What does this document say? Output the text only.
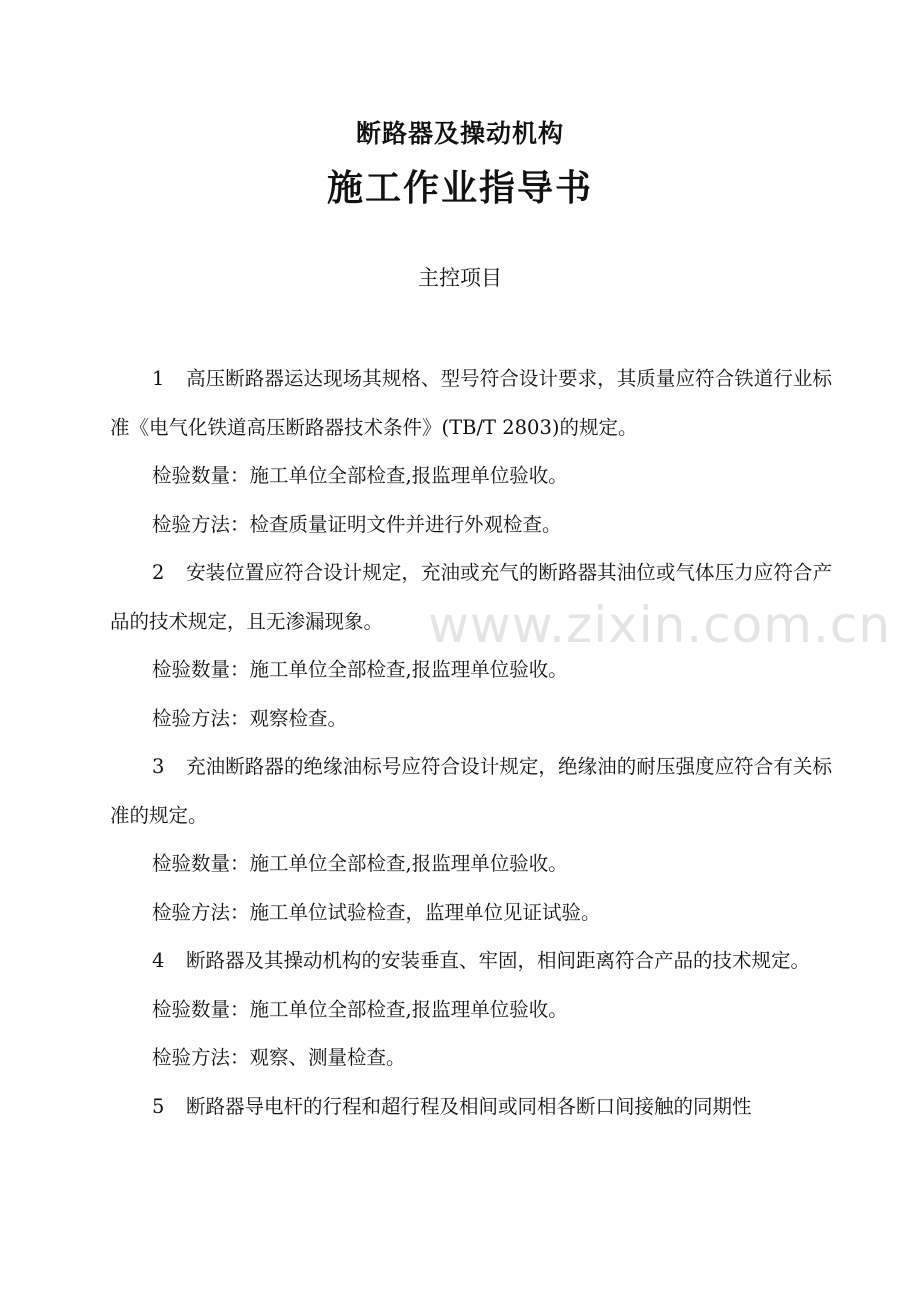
断路器及操动机构
施工作业指导书
主控项目

1 高压断路器运达现场其规格、型号符合设计要求，其质量应符合铁道行业标准《电气化铁道高压断路器技术条件》(TB/T 2803)的规定。

检验数量：施工单位全部检查,报监理单位验收。

检验方法：检查质量证明文件并进行外观检查。

2 安装位置应符合设计规定，充油或充气的断路器其油位或气体压力应符合产品的技术规定，且无渗漏现象。

检验数量：施工单位全部检查,报监理单位验收。

检验方法：观察检查。

3 充油断路器的绝缘油标号应符合设计规定，绝缘油的耐压强度应符合有关标准的规定。

检验数量：施工单位全部检查,报监理单位验收。

检验方法：施工单位试验检查，监理单位见证试验。

4 断路器及其操动机构的安装垂直、牢固，相间距离符合产品的技术规定。

检验数量：施工单位全部检查,报监理单位验收。

检验方法：观察、测量检查。

5 断路器导电杆的行程和超行程及相间或同相各断口间接触的同期性

www.zixin.com.cn
